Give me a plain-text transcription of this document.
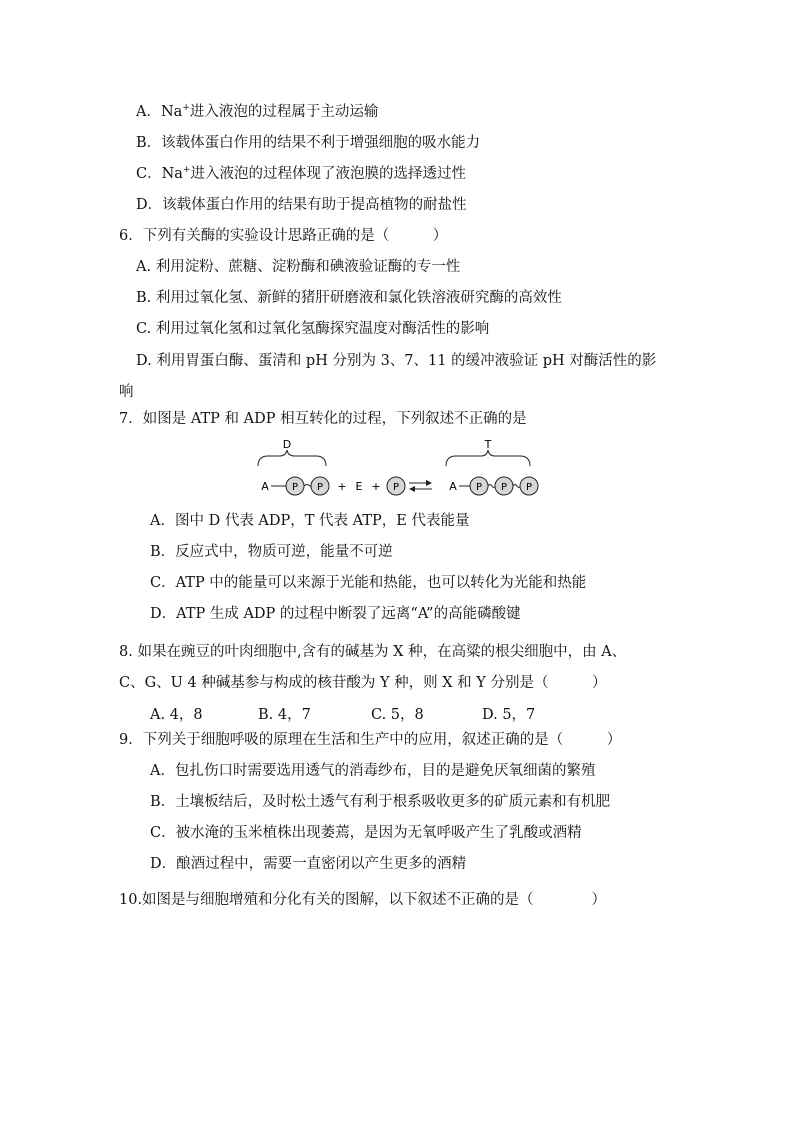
A．Na+进入液泡的过程属于主动运输
B．该载体蛋白作用的结果不利于增强细胞的吸水能力
C．Na+进入液泡的过程体现了液泡膜的选择透过性
D．该载体蛋白作用的结果有助于提高植物的耐盐性
6．下列有关酶的实验设计思路正确的是（　　　）
A. 利用淀粉、蔗糖、淀粉酶和碘液验证酶的专一性
B. 利用过氧化氢、新鲜的猪肝研磨液和氯化铁溶液研究酶的高效性
C. 利用过氧化氢和过氧化氢酶探究温度对酶活性的影响
D. 利用胃蛋白酶、蛋清和 pH 分别为 3、7、11 的缓冲液验证 pH 对酶活性的影
响
7．如图是 ATP 和 ADP 相互转化的过程，下列叙述不正确的是
D	T
A P P + E + P	A P P P
A．图中 D 代表 ADP，T 代表 ATP，E 代表能量
B．反应式中，物质可逆，能量不可逆
C．ATP 中的能量可以来源于光能和热能，也可以转化为光能和热能
D．ATP 生成 ADP 的过程中断裂了远离“A”的高能磷酸键
8. 如果在豌豆的叶肉细胞中,含有的碱基为 X 种，在高粱的根尖细胞中，由 A、
C、G、U 4 种碱基参与构成的核苷酸为 Y 种，则 X 和 Y 分别是（　　　）
A. 4，8	B. 4，7	C. 5，8	D. 5，7
9．下列关于细胞呼吸的原理在生活和生产中的应用，叙述正确的是（　　　）
A．包扎伤口时需要选用透气的消毒纱布，目的是避免厌氧细菌的繁殖
B．土壤板结后，及时松土透气有利于根系吸收更多的矿质元素和有机肥
C．被水淹的玉米植株出现萎蔫，是因为无氧呼吸产生了乳酸或酒精
D．酿酒过程中，需要一直密闭以产生更多的酒精
10.如图是与细胞增殖和分化有关的图解，以下叙述不正确的是（　　　　）
